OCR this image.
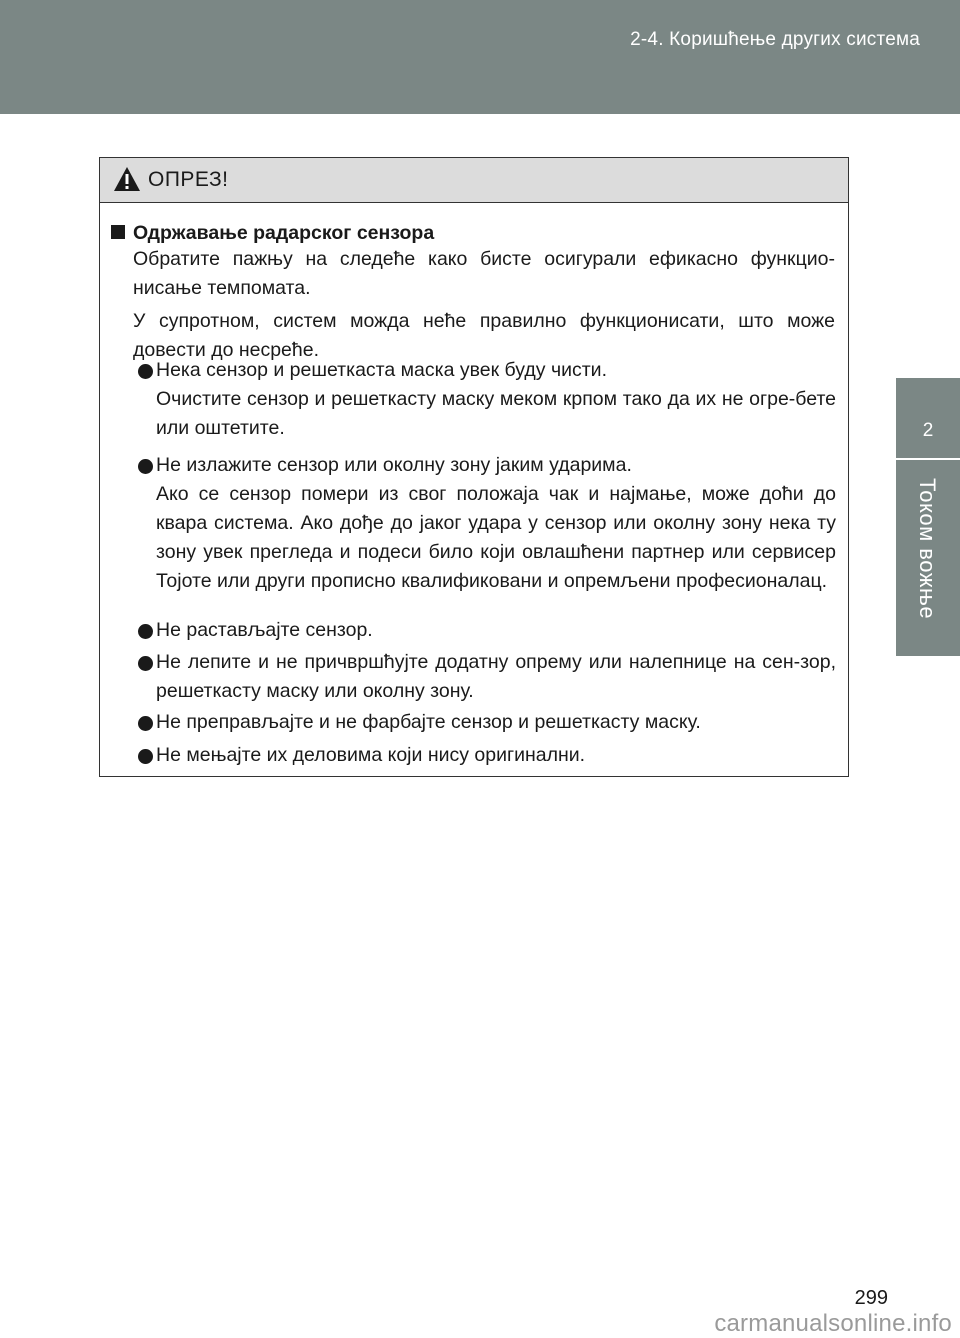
2-4. Коришћење других система
2
Током вожње
ОПРЕЗ!
Одржавање радарског сензора
Обратите пажњу на следеће како бисте осигурали ефикасно функцио-нисање темпомата.
У супротном, систем можда неће правилно функционисати, што може довести до несреће.
Нека сензор и решеткаста маска увек буду чисти.
Очистите сензор и решеткасту маску меком крпом тако да их не огре-бете или оштетите.
Не излажите сензор или околну зону јаким ударима.
Ако се сензор помери из свог положаја чак и најмање, може доћи до квара система. Ако дође до јаког удара у сензор или околну зону нека ту зону увек прегледа и подеси било који овлашћени партнер или сервисер Тојоте или други прописно квалификовани и опремљени професионалац.
Не растављајте сензор.
Не лепите и не причвршћујте додатну опрему или налепнице на сен-зор, решеткасту маску или околну зону.
Не преправљајте и не фарбајте сензор и решеткасту маску.
Не мењајте их деловима који нису оригинални.
299
carmanualsonline.info
